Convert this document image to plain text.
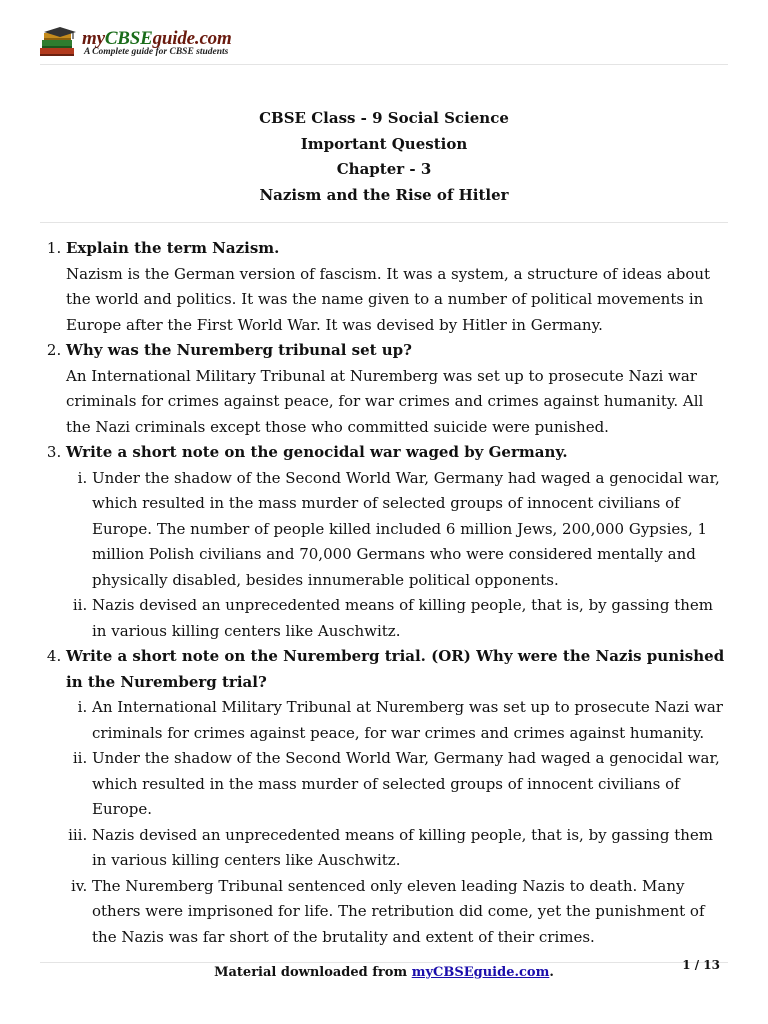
myCBSEguide.com
A Complete guide for CBSE students
CBSE Class - 9 Social Science
Important Question
Chapter - 3
Nazism and the Rise of Hitler
1. Explain the term Nazism.
Nazism is the German version of fascism. It was a system, a structure of ideas about the world and politics. It was the name given to a number of political movements in Europe after the First World War. It was devised by Hitler in Germany.
2. Why was the Nuremberg tribunal set up?
An International Military Tribunal at Nuremberg was set up to prosecute Nazi war criminals for crimes against peace, for war crimes and crimes against humanity. All the Nazi criminals except those who committed suicide were punished.
3. Write a short note on the genocidal war waged by Germany.
i. Under the shadow of the Second World War, Germany had waged a genocidal war, which resulted in the mass murder of selected groups of innocent civilians of Europe. The number of people killed included 6 million Jews, 200,000 Gypsies, 1 million Polish civilians and 70,000 Germans who were considered mentally and physically disabled, besides innumerable political opponents.
ii. Nazis devised an unprecedented means of killing people, that is, by gassing them in various killing centers like Auschwitz.
4. Write a short note on the Nuremberg trial. (OR) Why were the Nazis punished in the Nuremberg trial?
i. An International Military Tribunal at Nuremberg was set up to prosecute Nazi war criminals for crimes against peace, for war crimes and crimes against humanity.
ii. Under the shadow of the Second World War, Germany had waged a genocidal war, which resulted in the mass murder of selected groups of innocent civilians of Europe.
iii. Nazis devised an unprecedented means of killing people, that is, by gassing them in various killing centers like Auschwitz.
iv. The Nuremberg Tribunal sentenced only eleven leading Nazis to death. Many others were imprisoned for life. The retribution did come, yet the punishment of the Nazis was far short of the brutality and extent of their crimes.
Material downloaded from myCBSEguide.com.	1 / 13
